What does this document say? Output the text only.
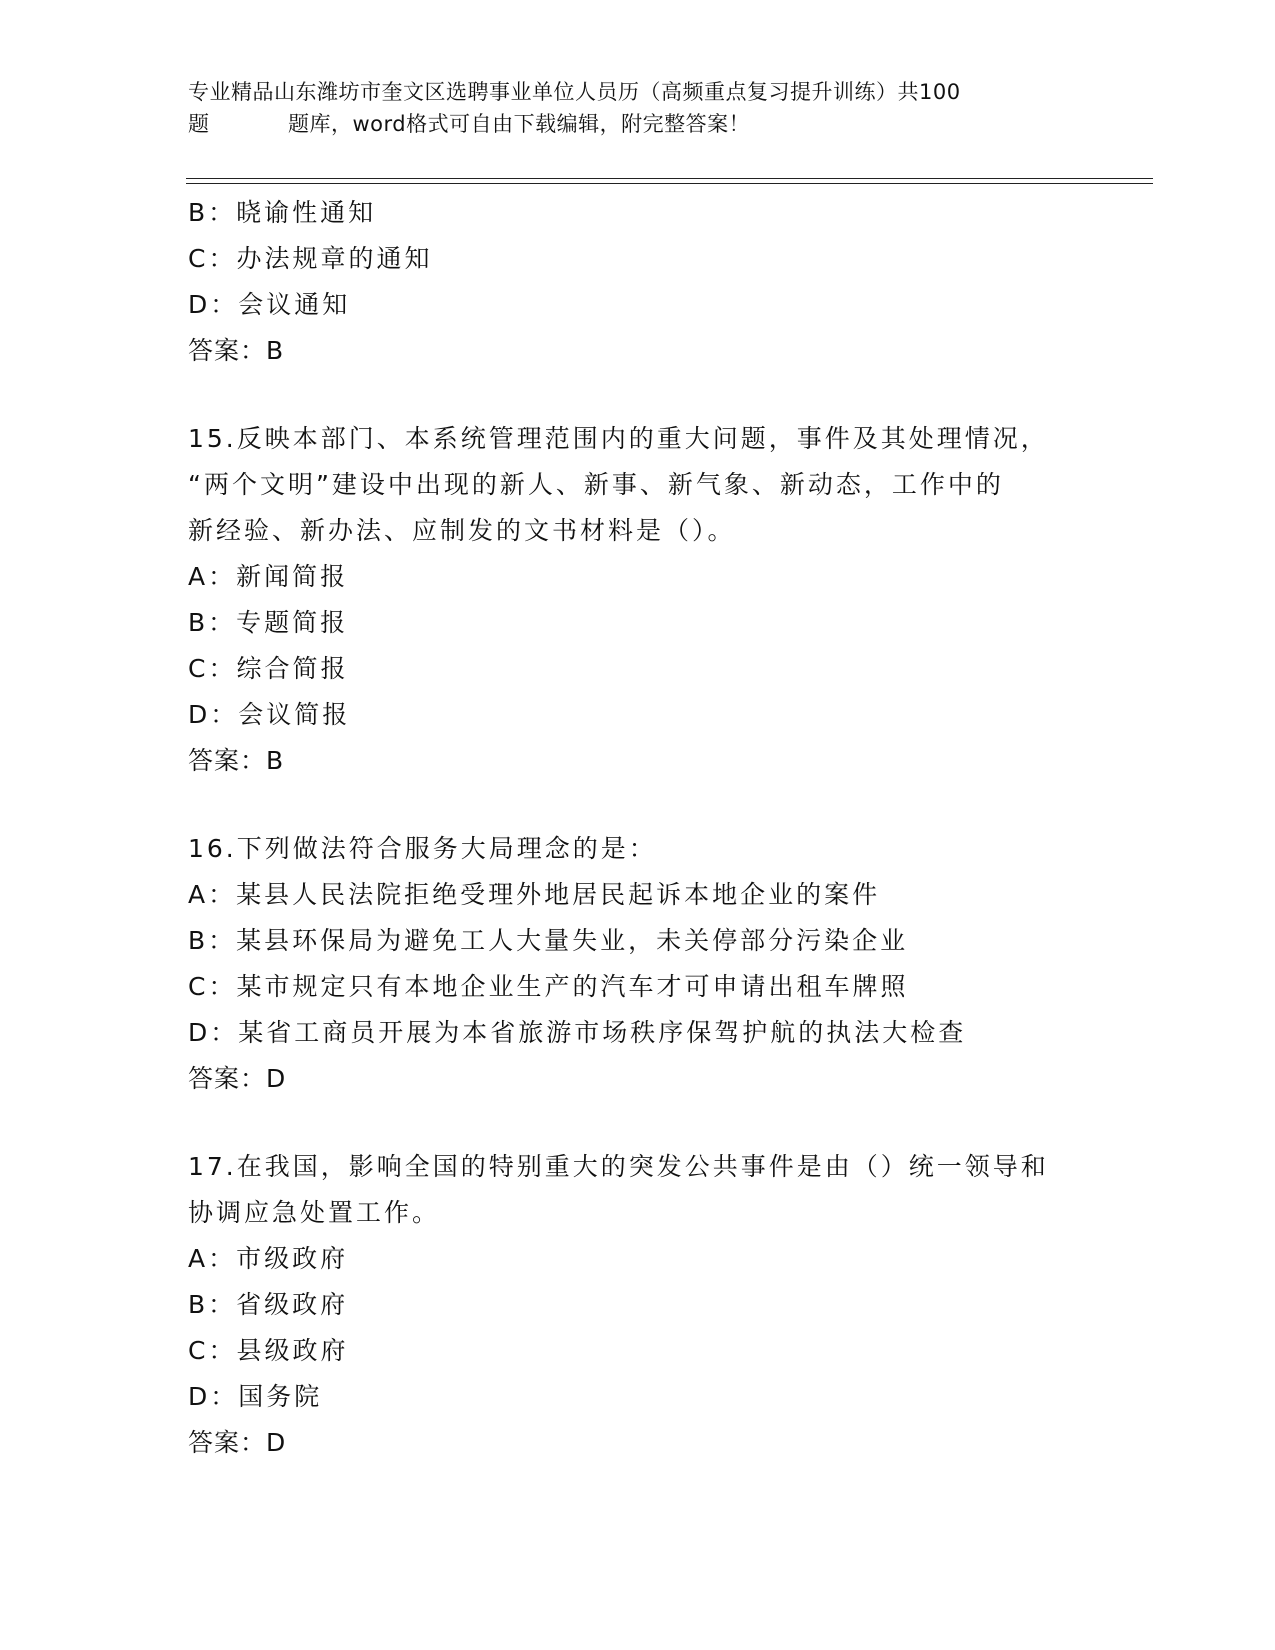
专业精品山东潍坊市奎文区选聘事业单位人员历（高频重点复习提升训练）共100
题	题库，word格式可自由下载编辑，附完整答案！
B：晓谕性通知
C：办法规章的通知
D：会议通知
答案：B
15.反映本部门、本系统管理范围内的重大问题，事件及其处理情况，
“两个文明”建设中出现的新人、新事、新气象、新动态，工作中的
新经验、新办法、应制发的文书材料是（）。
A：新闻简报
B：专题简报
C：综合简报
D：会议简报
答案：B
16.下列做法符合服务大局理念的是：
A：某县人民法院拒绝受理外地居民起诉本地企业的案件
B：某县环保局为避免工人大量失业，未关停部分污染企业
C：某市规定只有本地企业生产的汽车才可申请出租车牌照
D：某省工商员开展为本省旅游市场秩序保驾护航的执法大检查
答案：D
17.在我国，影响全国的特别重大的突发公共事件是由（）统一领导和
协调应急处置工作。
A：市级政府
B：省级政府
C：县级政府
D：国务院
答案：D
